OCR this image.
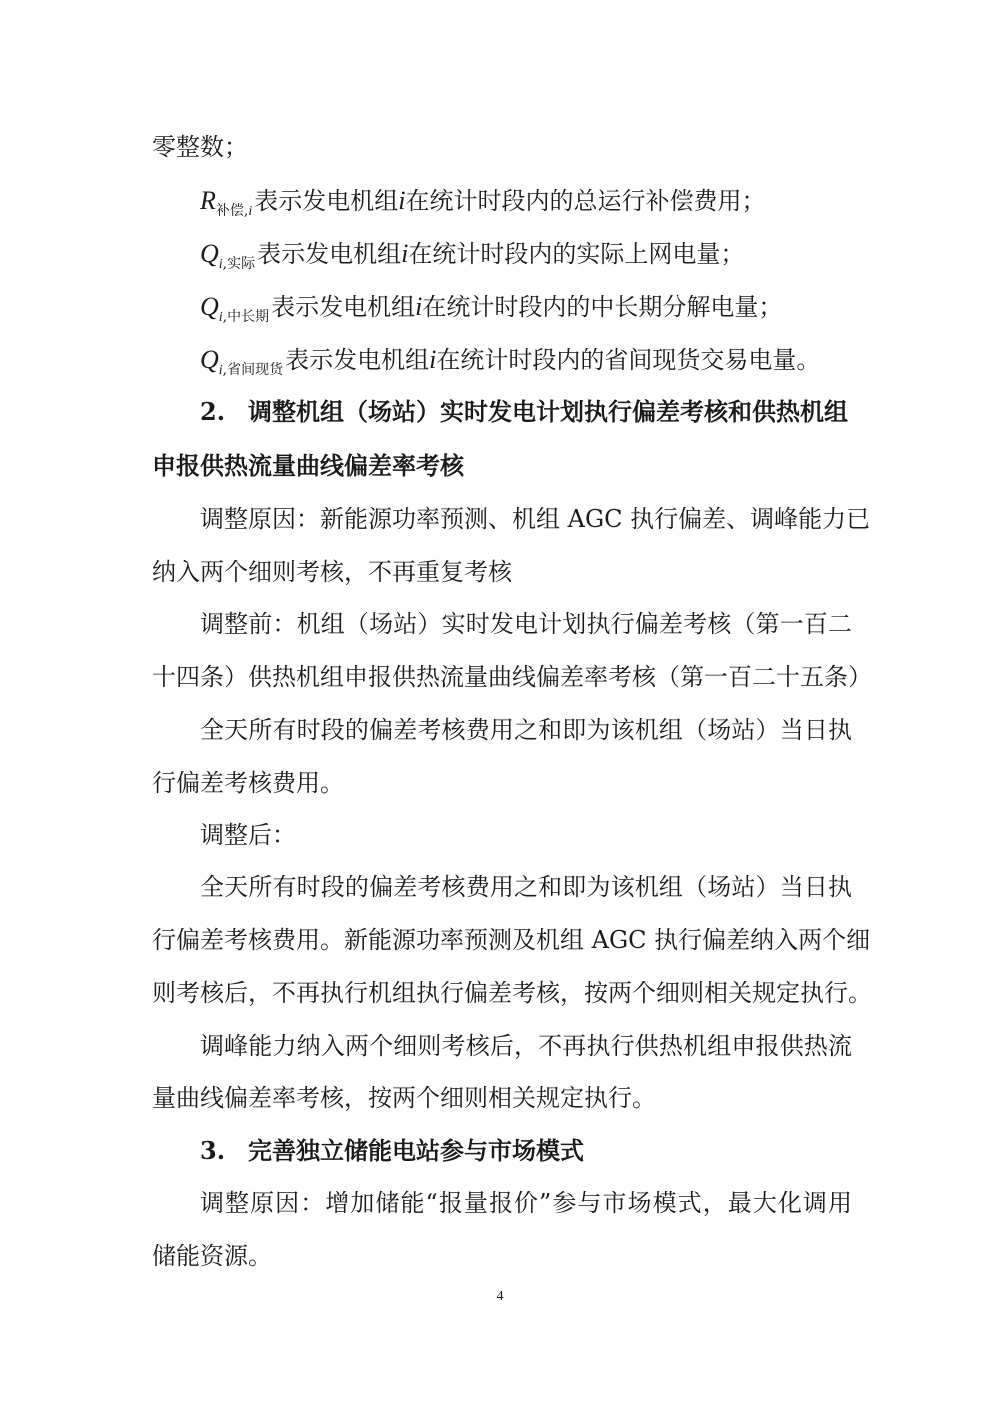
零整数；
$R_{补偿,i}$表示发电机组i在统计时段内的总运行补偿费用；
$Q_{i,实际}$表示发电机组i在统计时段内的实际上网电量；
$Q_{i,中长期}$表示发电机组i在统计时段内的中长期分解电量；
$Q_{i,省间现货}$表示发电机组i在统计时段内的省间现货交易电量。
2. 调整机组（场站）实时发电计划执行偏差考核和供热机组
申报供热流量曲线偏差率考核
调整原因：新能源功率预测、机组 AGC 执行偏差、调峰能力已
纳入两个细则考核，不再重复考核
调整前：机组（场站）实时发电计划执行偏差考核（第一百二
十四条）供热机组申报供热流量曲线偏差率考核（第一百二十五条）
全天所有时段的偏差考核费用之和即为该机组（场站）当日执
行偏差考核费用。
调整后：
全天所有时段的偏差考核费用之和即为该机组（场站）当日执
行偏差考核费用。新能源功率预测及机组 AGC 执行偏差纳入两个细
则考核后，不再执行机组执行偏差考核，按两个细则相关规定执行。
调峰能力纳入两个细则考核后，不再执行供热机组申报供热流
量曲线偏差率考核，按两个细则相关规定执行。
3. 完善独立储能电站参与市场模式
调整原因：增加储能“报量报价”参与市场模式，最大化调用
储能资源。
4
